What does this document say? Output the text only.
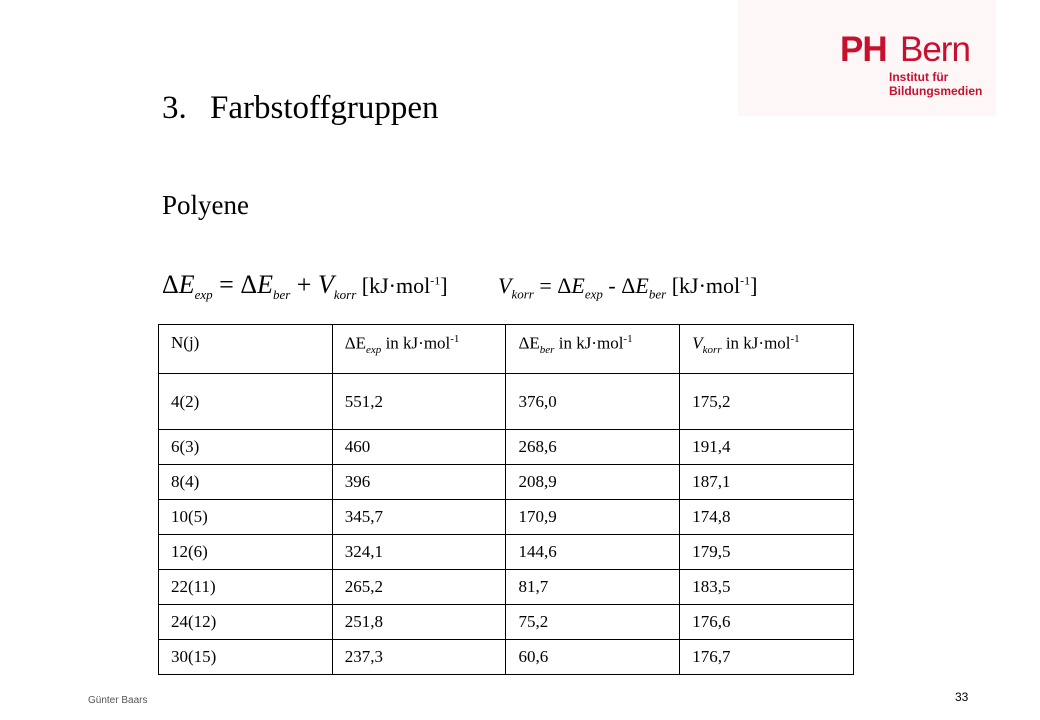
PH Bern
Institut für
Bildungsmedien
3. Farbstoffgruppen
Polyene
$\Delta E_{exp} = \Delta E_{ber} + V_{korr}$ [kJ·mol$^{-1}$] $V_{korr} = \Delta E_{exp} - \Delta E_{ber}$ [kJ·mol$^{-1}$]
N(j)	$\Delta E_{exp}$ in kJ·mol$^{-1}$	$\Delta E_{ber}$ in kJ·mol$^{-1}$	$V_{korr}$ in kJ·mol$^{-1}$
4(2)	551,2	376,0	175,2
6(3)	460	268,6	191,4
8(4)	396	208,9	187,1
10(5)	345,7	170,9	174,8
12(6)	324,1	144,6	179,5
22(11)	265,2	81,7	183,5
24(12)	251,8	75,2	176,6
30(15)	237,3	60,6	176,7
Günter Baars	33
